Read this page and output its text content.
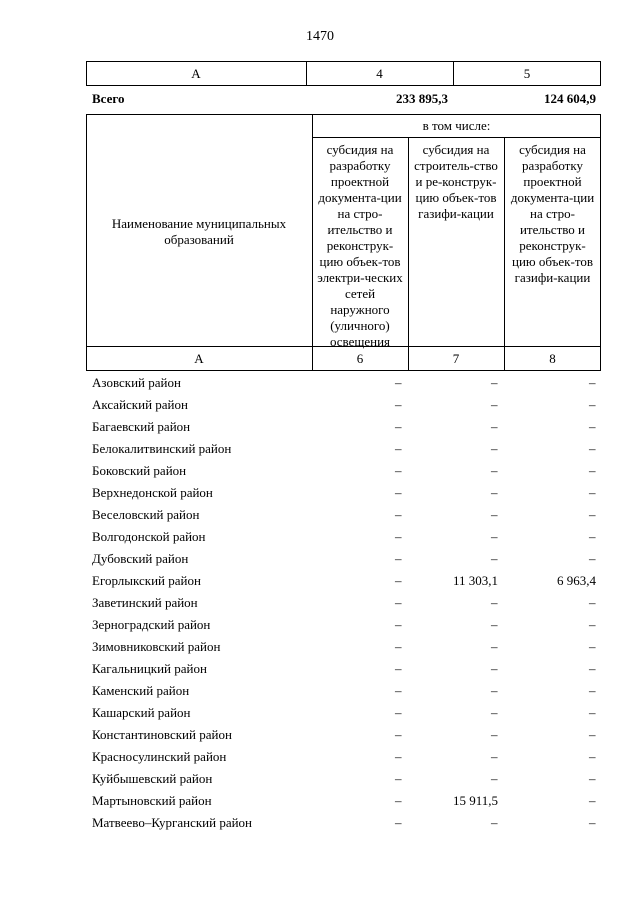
1470
А	4	5
Всего	233 895,3	124 604,9
Наименование муниципальных образований
в том числе:
субсидия на разработку проектной документа-ции на стро-ительство и реконструк-цию объек-тов электри-ческих сетей наружного (уличного) освещения
субсидия на строитель-ство и ре-конструк-цию объек-тов газифи-кации
субсидия на разработку проектной документа-ции на стро-ительство и реконструк-цию объек-тов газифи-кации
А	6	7	8
Азовский район	–	–	–
Аксайский район	–	–	–
Багаевский район	–	–	–
Белокалитвинский район	–	–	–
Боковский район	–	–	–
Верхнедонской район	–	–	–
Веселовский район	–	–	–
Волгодонской район	–	–	–
Дубовский район	–	–	–
Егорлыкский район	–	11 303,1	6 963,4
Заветинский район	–	–	–
Зерноградский район	–	–	–
Зимовниковский район	–	–	–
Кагальницкий район	–	–	–
Каменский район	–	–	–
Кашарский район	–	–	–
Константиновский район	–	–	–
Красносулинский район	–	–	–
Куйбышевский район	–	–	–
Мартыновский район	–	15 911,5	–
Матвеево–Курганский район	–	–	–
